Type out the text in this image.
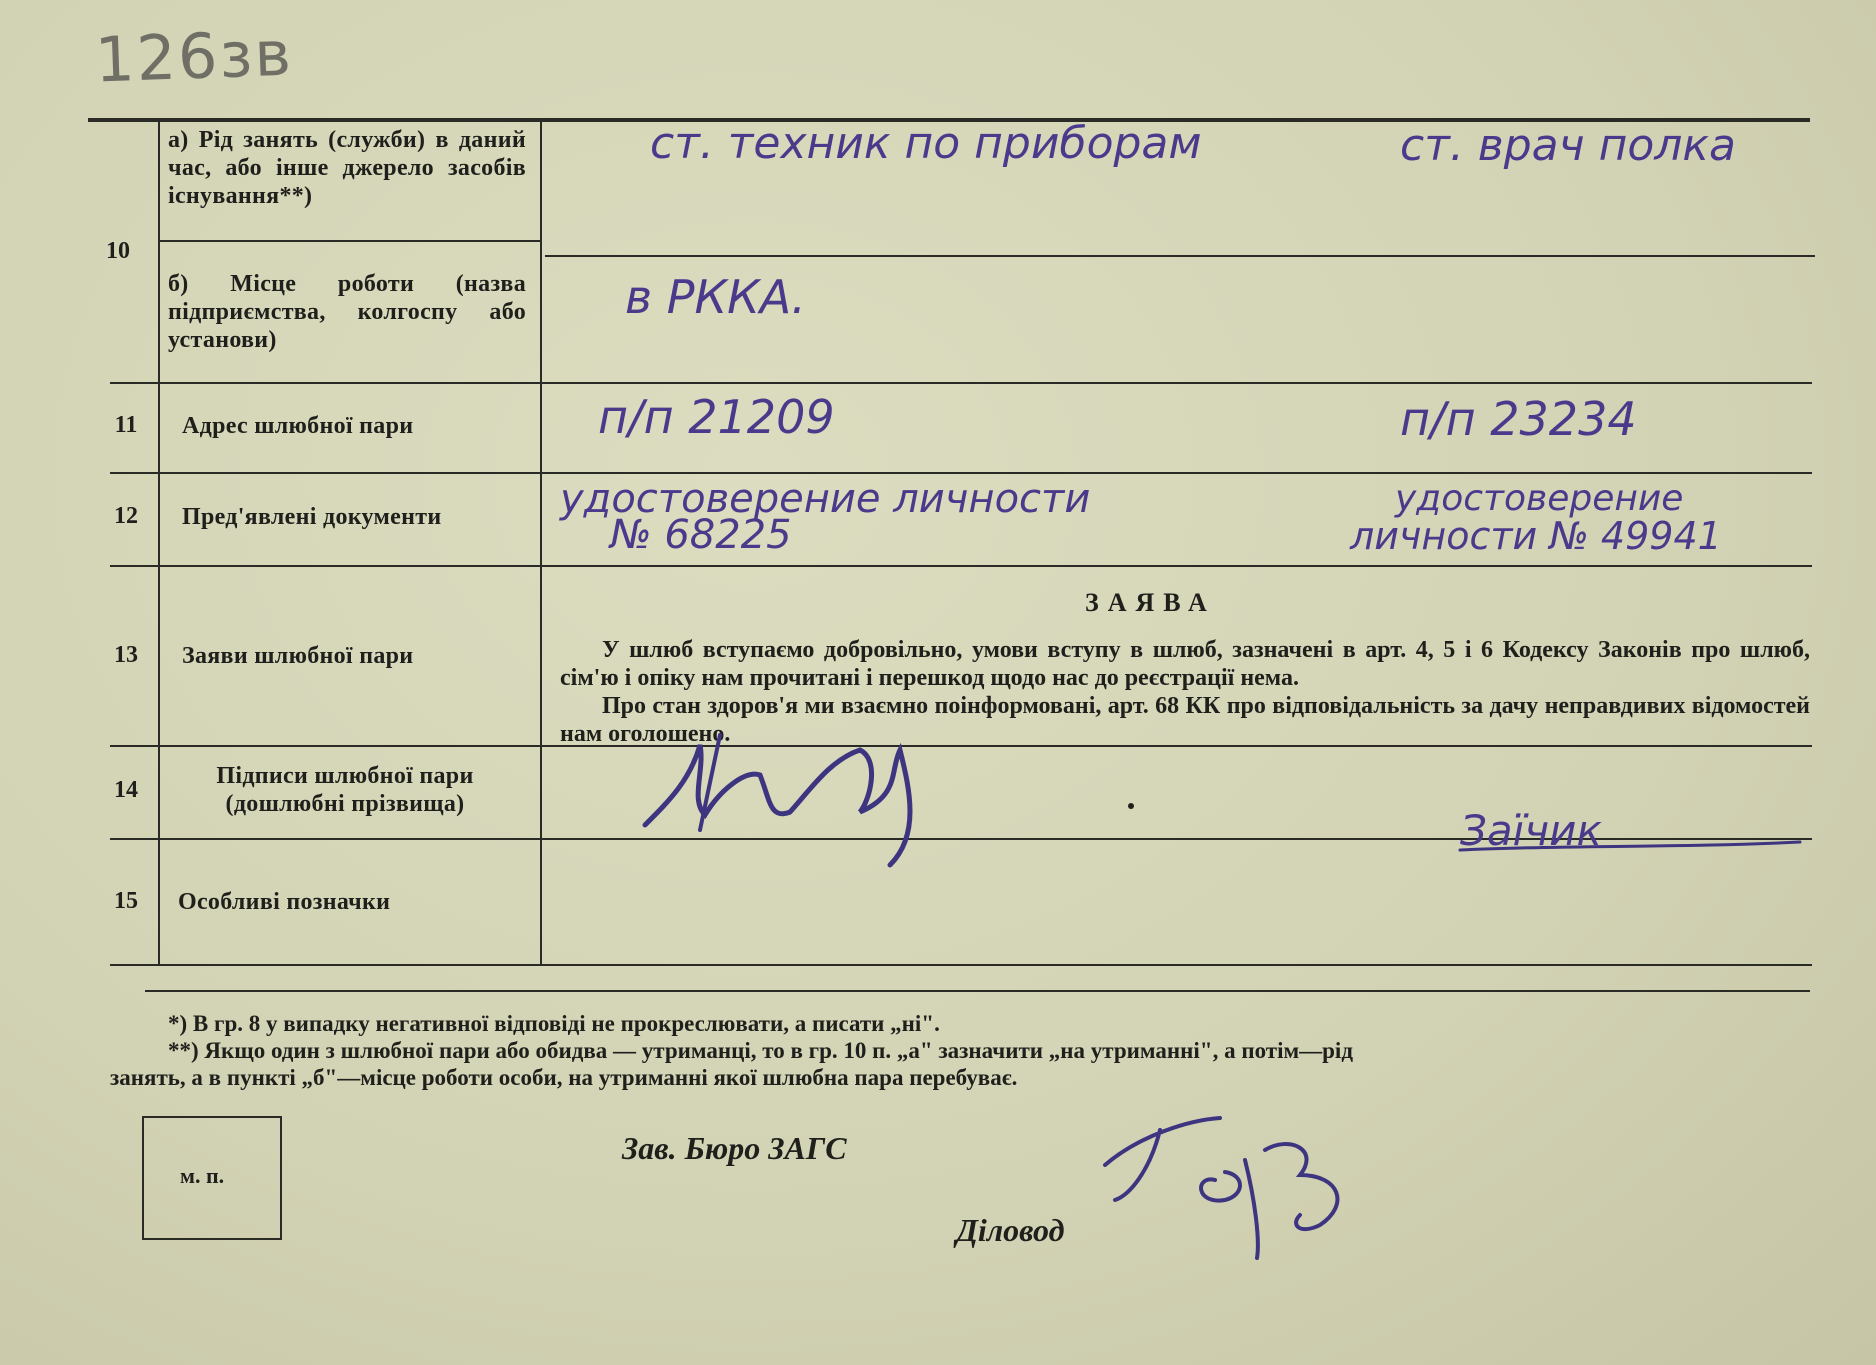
126зв
10
11
12
13
14
15
а) Рід занять (служби) в даний час, або інше джерело засобів існування**)
б) Місце роботи (назва підприємства, колгоспу або установи)
Адрес шлюбної пари
Пред'явлені документи
Заяви шлюбної пари
Підписи шлюбної пари (дошлюбні прізвища)
Особливі позначки
ст. техник по приборам	ст. врач полка
в РККА.
п/п 21209	п/п 23234
удостоверение личности
№ 68225
удостоверение
личности № 49941
Заїчик
ЗАЯВА

У шлюб вступаємо добровільно, умови вступу в шлюб, зазначені в арт. 4, 5 і 6 Кодексу Законів про шлюб, сім'ю і опіку нам прочитані і перешкод щодо нас до реєстрації нема.

Про стан здоров'я ми взаємно поінформовані, арт. 68 КК про відповідальність за дачу неправдивих відомостей нам оголошено.

*) В гр. 8 у випадку негативної відповіді не прокреслювати, а писати „ні".
**) Якщо один з шлюбної пари або обидва — утриманці, то в гр. 10 п. „а" зазначити „на утриманні", а потім—рід
занять, а в пункті „б"—місце роботи особи, на утриманні якої шлюбна пара перебуває.
м. п.
Зав. Бюро ЗАГС
Діловод
